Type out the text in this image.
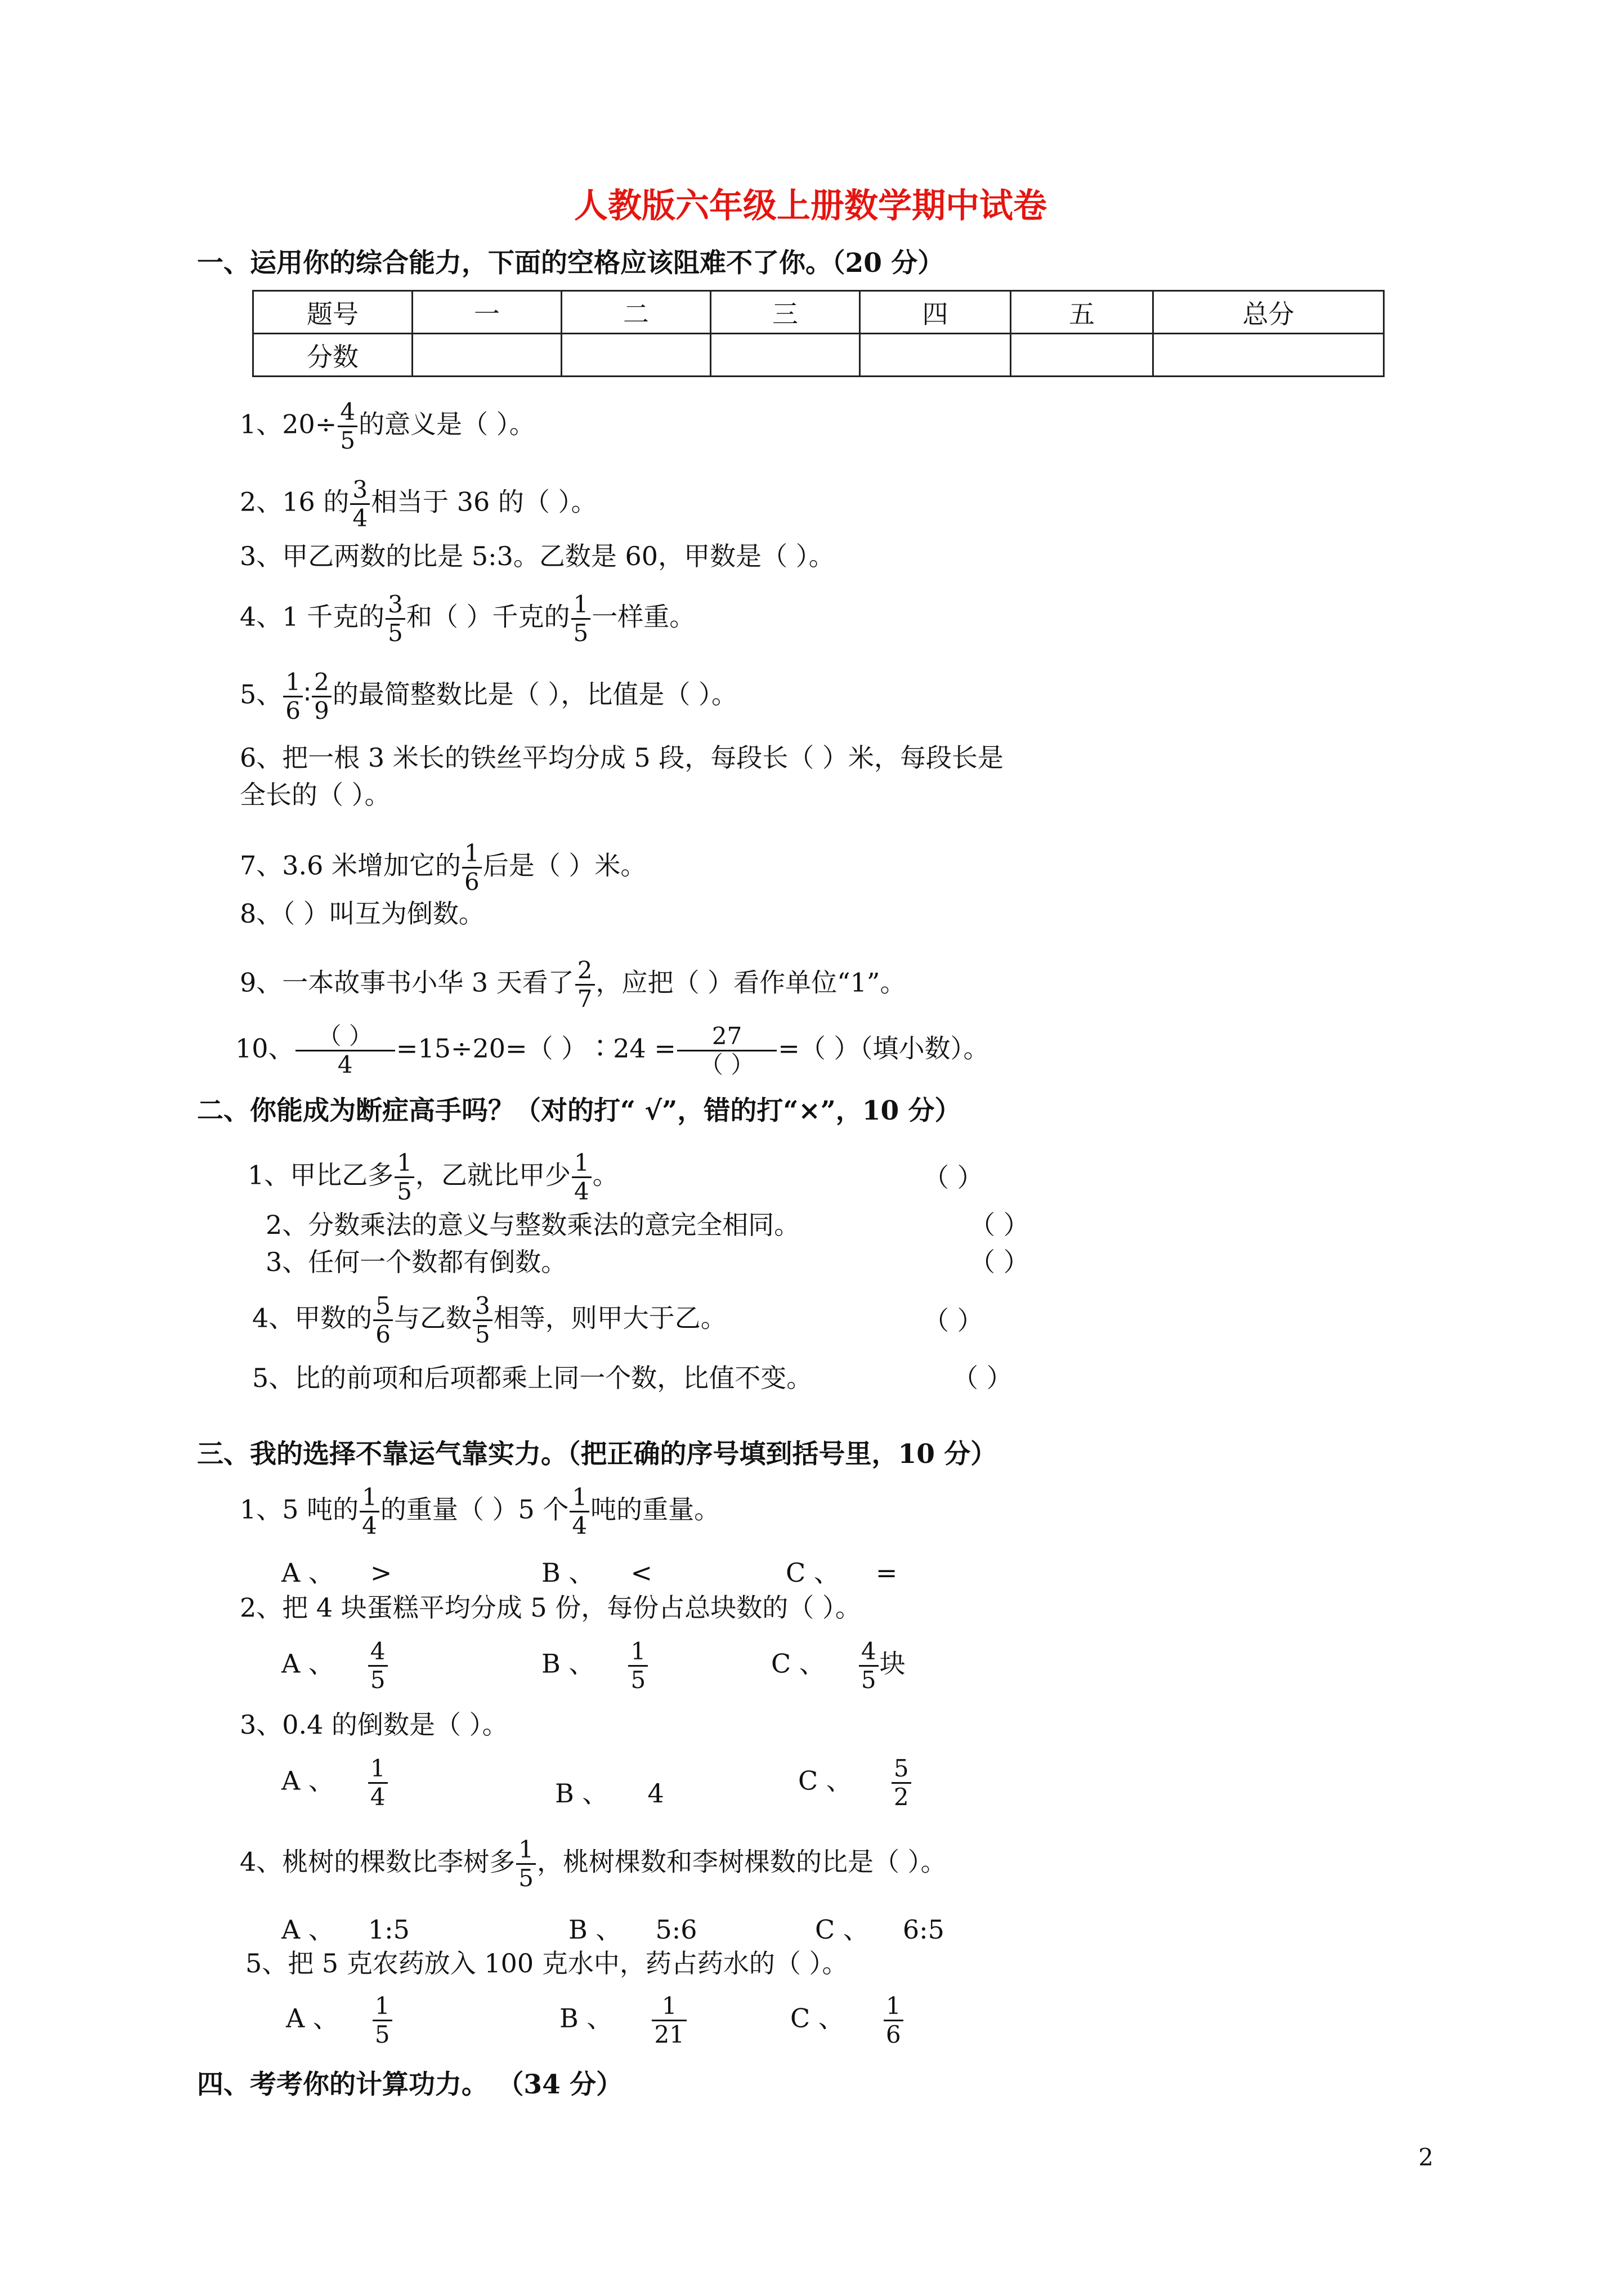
人教版六年级上册数学期中试卷
一、运用你的综合能力，下面的空格应该阻难不了你。（20 分）
题号	一	二	三	四	五	总分
分数						
1、$20\div \frac{4}{5}$ 的意义是（ ）。
2、16 的 $\frac{3}{4}$ 相当于 36 的（ ）。
3、甲乙两数的比是 5:3。乙数是 60，甲数是（ ）。
4、1 千克的 $\frac{3}{5}$ 和（ ）千克的 $\frac{1}{5}$ 一样重。
5、 $\frac{1}{6}$ ∶ $\frac{2}{9}$ 的最简整数比是（ ），比值是（ ）。
6、把一根 3 米长的铁丝平均分成 5 段，每段长（ ）米，每段长是
全长的（ ）。
7、3.6 米增加它的 $\frac{1}{6}$ 后是（ ）米。
8、（ ）叫互为倒数。
9、一本故事书小华 3 天看了 $\frac{2}{7}$ ，应把（ ）看作单位“1”。
10、 $\frac{( )}{4} =15\div 20=$（ ）∶24 = $\frac{27}{( )}$ =（ ）（填小数）。
二、你能成为断症高手吗？（对的打“ √”，错的打“×”，10 分）
1、甲比乙多 $\frac{1}{5}$ ，乙就比甲少 $\frac{1}{4}$ 。	（ ）
2、分数乘法的意义与整数乘法的意完全相同。	（ ）
3、任何一个数都有倒数。	（ ）
4、甲数的 $\frac{5}{6}$ 与乙数 $\frac{3}{5}$ 相等，则甲大于乙。	（ ）
5、比的前项和后项都乘上同一个数，比值不变。	（ ）
三、我的选择不靠运气靠实力。（把正确的序号填到括号里，10 分）
1、5 吨的 $\frac{1}{4}$ 的重量（ ）5 个 $\frac{1}{4}$ 吨的重量。
A 、 >	B 、 <	C 、 =
2、把 4 块蛋糕平均分成 5 份，每份占总块数的（ ）。
A 、 $\frac{4}{5}$	B 、 $\frac{1}{5}$	C 、 $\frac{4}{5}$ 块
3、0.4 的倒数是（ ）。
A 、 $\frac{1}{4}$	B 、 4	C 、 $\frac{5}{2}$
4、桃树的棵数比李树多 $\frac{1}{5}$ ，桃树棵数和李树棵数的比是（ ）。
A 、 1:5	B 、 5:6	C 、 6:5
5、把 5 克农药放入 100 克水中，药占药水的（ ）。
A 、 $\frac{1}{5}$	B 、 $\frac{1}{21}$	C 、 $\frac{1}{6}$
四、考考你的计算功力。 （34 分）
2
